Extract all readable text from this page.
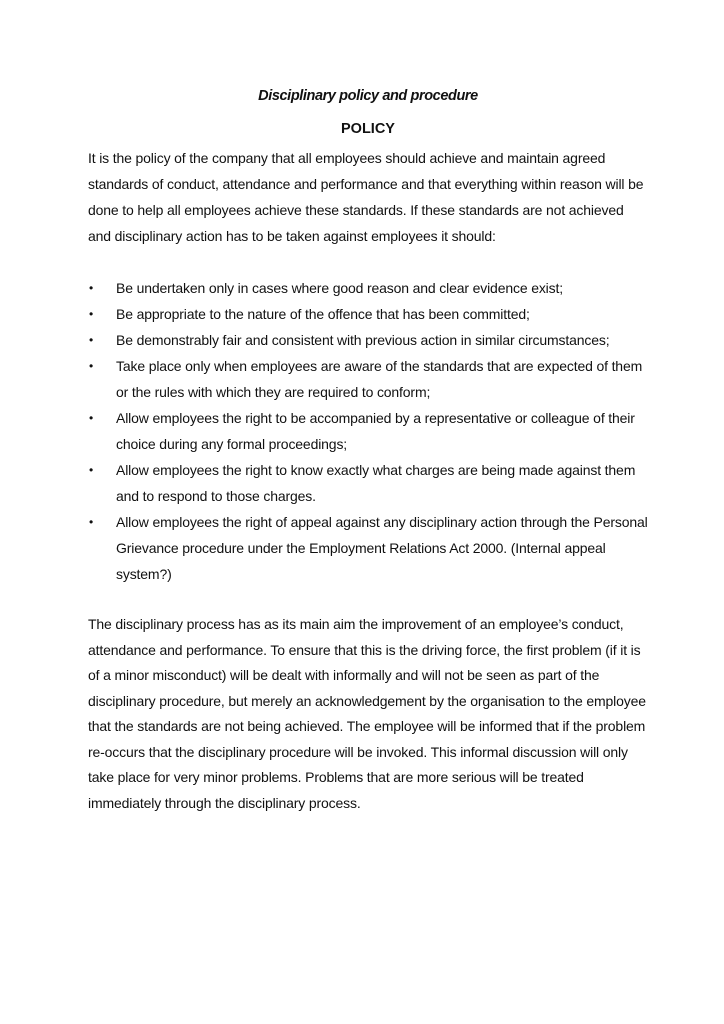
Disciplinary policy and procedure
POLICY

It is the policy of the company that all employees should achieve and maintain agreed standards of conduct, attendance and performance and that everything within reason will be done to help all employees achieve these standards. If these standards are not achieved and disciplinary action has to be taken against employees it should:

• Be undertaken only in cases where good reason and clear evidence exist;
• Be appropriate to the nature of the offence that has been committed;
• Be demonstrably fair and consistent with previous action in similar circumstances;
• Take place only when employees are aware of the standards that are expected of them or the rules with which they are required to conform;
• Allow employees the right to be accompanied by a representative or colleague of their choice during any formal proceedings;
• Allow employees the right to know exactly what charges are being made against them and to respond to those charges.
• Allow employees the right of appeal against any disciplinary action through the Personal Grievance procedure under the Employment Relations Act 2000. (Internal appeal system?)

The disciplinary process has as its main aim the improvement of an employee’s conduct, attendance and performance. To ensure that this is the driving force, the first problem (if it is of a minor misconduct) will be dealt with informally and will not be seen as part of the disciplinary procedure, but merely an acknowledgement by the organisation to the employee that the standards are not being achieved. The employee will be informed that if the problem re-occurs that the disciplinary procedure will be invoked. This informal discussion will only take place for very minor problems. Problems that are more serious will be treated immediately through the disciplinary process.
